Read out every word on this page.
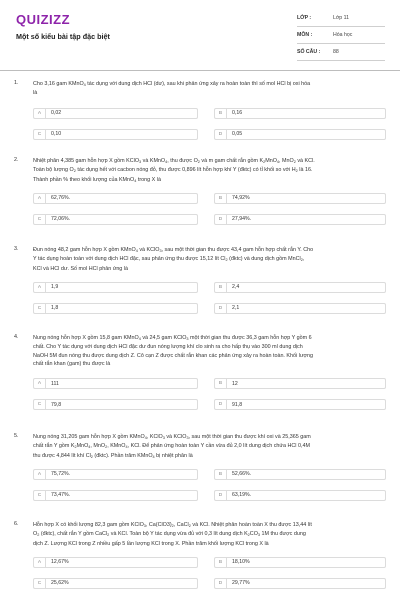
QUIZIZZ
Một số kiểu bài tập đặc biệt
LỚP :	Lớp 11
MÔN :	Hóa học
SỐ CÂU :	88
1.	Cho 3,16 gam KMnO$_4$ tác dụng với dung dịch HCl (dư), sau khi phản ứng xảy ra hoàn toàn thì số mol HCl bị oxi hóa
là
A	0,02	B	0,16
C	0,10	D	0,05
2.	Nhiệt phân 4,385 gam hỗn hợp X gồm KClO$_3$ và KMnO$_4$, thu được $O_2$ và m gam chất rắn gồm $K_2MnO_4$, MnO$_2$ và KCl.
Toàn bộ lượng $O_2$ tác dụng hết với cacbon nóng đỏ, thu được 0,896 lít hỗn hợp khí Y (đktc) có tỉ khối so với $H_2$ là 16.
Thành phần % theo khối lượng của KMnO$_4$ trong X là
A	62,76%.	B	74,92%
C	72,06%.	D	27,94%.
3.	Đun nóng 48,2 gam hỗn hợp X gồm KMnO$_4$ và KClO$_3$, sau một thời gian thu được 43,4 gam hỗn hợp chất rắn Y. Cho
Y tác dụng hoàn toàn với dung dịch HCl đặc, sau phản ứng thu được 15,12 lít $Cl_2$ (đktc) và dung dịch gồm MnCl$_2$,
KCl và HCl dư. Số mol HCl phản ứng là
A	1,9	B	2,4
C	1,8	D	2,1
4.	Nung nóng hỗn hợp X gồm 15,8 gam KMnO$_4$ và 24,5 gam KClO$_3$ một thời gian thu được 36,3 gam hỗn hợp Y gồm 6
chất. Cho Y tác dụng với dung dịch HCl đặc dư đun nóng lượng khí clo sinh ra cho hấp thụ vào 300 ml dung dịch
NaOH 5M đun nóng thu được dung dịch Z. Cô cạn Z được chất rắn khan các phản ứng xảy ra hoàn toàn. Khối lượng
chất rắn khan (gam) thu được là
A	111	B	12
C	79,8	D	91,8
5.	Nung nóng 31,205 gam hỗn hợp X gồm KMnO$_4$, KClO$_3$ và KClO$_3$, sau một thời gian thu được khí oxi và 25,365 gam
chất rắn Y gồm $K_2MnO_4$, MnO$_2$, KMnO$_4$, KCl. Để phản ứng hoàn toàn Y cần vừa đủ 2,0 lít dung dịch chứa HCl 0,4M
thu được 4,844 lít khí $Cl_2$ (đktc). Phần trăm KMnO$_4$ bị nhiệt phân là
A	75,72%.	B	52,66%.
C	73,47%.	D	63,19%.
6.	Hỗn hợp X có khối lượng 82,3 gam gồm KClO$_3$, $Ca(ClO3)_2$, CaCl$_2$ và KCl. Nhiệt phân hoàn toàn X thu được 13,44 lít
$O_2$ (đktc), chất rắn Y gồm CaCl$_2$ và KCl. Toàn bộ Y tác dụng vừa đủ với 0,3 lít dung dịch $K_2CO_3$ 1M thu được dung
dịch Z. Lượng KCl trong Z nhiều gấp 5 lần lượng KCl trong X. Phần trăm khối lượng KCl trong X là
A	12,67%	B	18,10%
C	25,62%	D	29,77%
